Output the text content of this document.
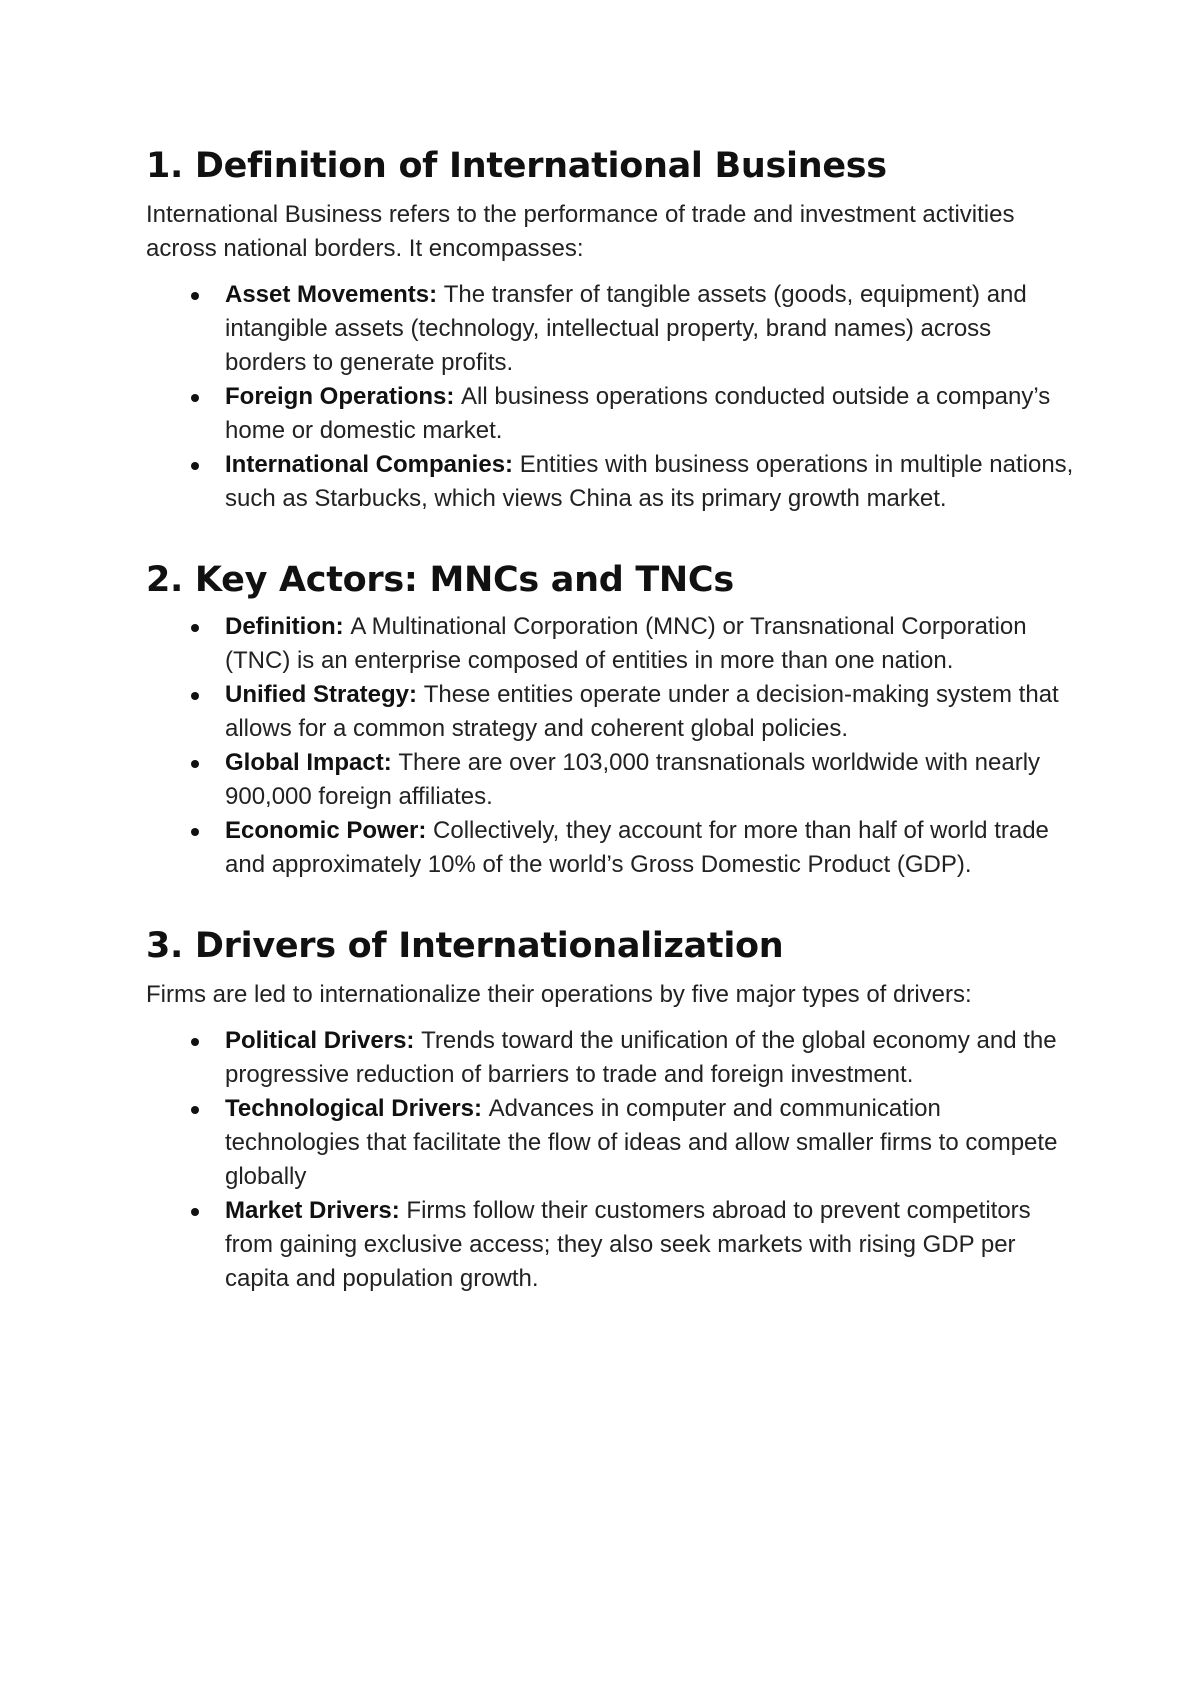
1. Definition of International Business

International Business refers to the performance of trade and investment activities across national borders. It encompasses:

Asset Movements: The transfer of tangible assets (goods, equipment) and intangible assets (technology, intellectual property, brand names) across borders to generate profits.
Foreign Operations: All business operations conducted outside a company’s home or domestic market.
International Companies: Entities with business operations in multiple nations, such as Starbucks, which views China as its primary growth market.
2. Key Actors: MNCs and TNCs
Definition: A Multinational Corporation (MNC) or Transnational Corporation (TNC) is an enterprise composed of entities in more than one nation.
Unified Strategy: These entities operate under a decision-making system that allows for a common strategy and coherent global policies.
Global Impact: There are over 103,000 transnationals worldwide with nearly 900,000 foreign affiliates.
Economic Power: Collectively, they account for more than half of world trade and approximately 10% of the world’s Gross Domestic Product (GDP).
3. Drivers of Internationalization

Firms are led to internationalize their operations by five major types of drivers:

Political Drivers: Trends toward the unification of the global economy and the progressive reduction of barriers to trade and foreign investment.
Technological Drivers: Advances in computer and communication technologies that facilitate the flow of ideas and allow smaller firms to compete globally
Market Drivers: Firms follow their customers abroad to prevent competitors from gaining exclusive access; they also seek markets with rising GDP per capita and population growth.
